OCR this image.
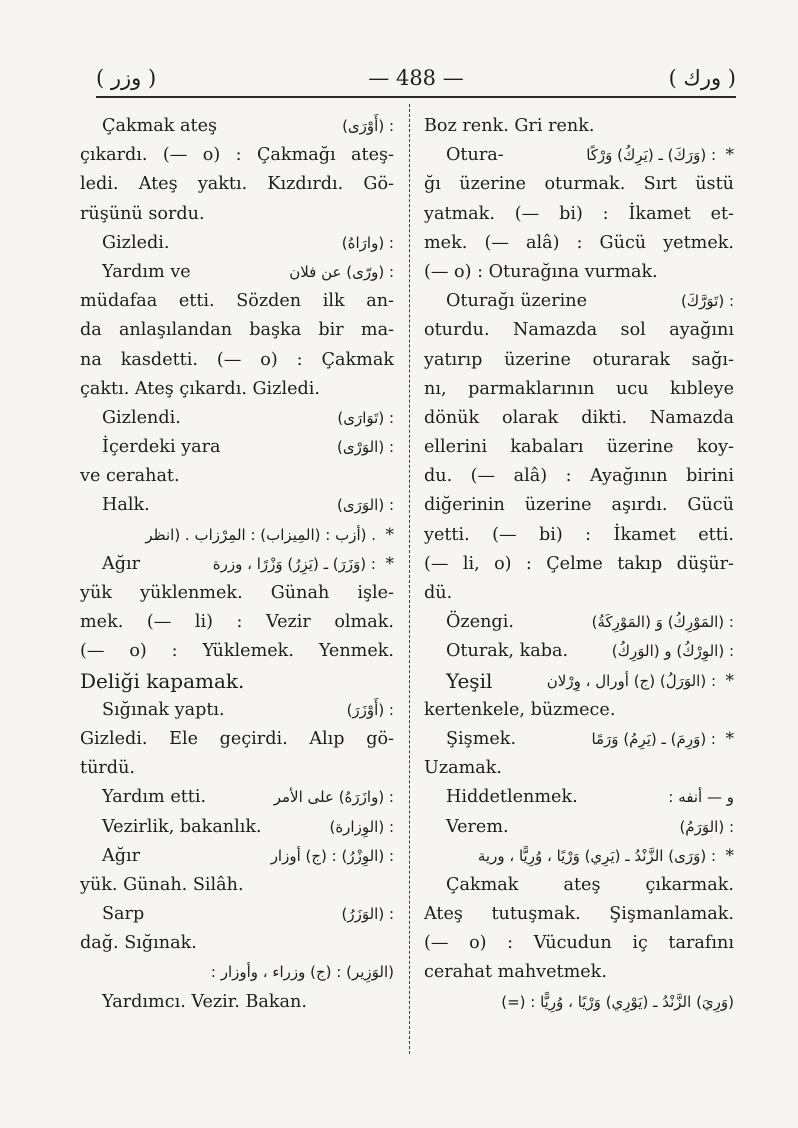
( وزر )	— 488 —	( ورك )
Çakmak ateş	: (أَوْرَى)
çıkardı. (— o) : Çakmağı ateş-
ledi. Ateş yaktı. Kızdırdı. Gö-
rüşünü sordu.
Gizledi.	: (وارَاهُ)
Yardım ve	: (ورّى) عن فلان
müdafaa etti. Sözden ilk an-
da anlaşılandan başka bir ma-
na kasdetti. (— o) : Çakmak
çaktı. Ateş çıkardı. Gizledi.
Gizlendi.	: (تَوَارَى)
İçerdeki yara	: (الوَرْى)
ve cerahat.
Halk.	: (الوَرَى)
. (أزب : (المِيزاب) : المِرْزاب . (انظر *
Ağır	: (وَزَرَ) ـ (يَزِرُ) وَزْرًا ، وزرة *
yük yüklenmek. Günah işle-
mek. (— li) : Vezir olmak.
(— o) : Yüklemek. Yenmek.
Deliği kapamak.
Sığınak yaptı.	: (أَوْزَرَ)
Gizledi. Ele geçirdi. Alıp gö-
türdü.
Yardım etti.	: (وازَرَهُ) على الأمر
Vezirlik, bakanlık.	: (الوِزارة)
Ağır	: (الوِزْرُ) : (ج) أوزار
yük. Günah. Silâh.
Sarp	: (الوَزَرُ)
dağ. Sığınak.
(الوَزِير) : (ج) وزراء ، وأوزار :
Yardımcı. Vezir. Bakan.
Boz renk. Gri renk.
Otura-	: (وَرَكَ) ـ (يَرِكُ) وَرْكًا *
ğı üzerine oturmak. Sırt üstü
yatmak. (— bi) : İkamet et-
mek. (— alâ) : Gücü yetmek.
(— o) : Oturağına vurmak.
Oturağı üzerine	: (تَوَرَّكَ)
oturdu. Namazda sol ayağını
yatırıp üzerine oturarak sağı-
nı, parmaklarının ucu kıbleye
dönük olarak dikti. Namazda
ellerini kabaları üzerine koy-
du. (— alâ) : Ayağının birini
diğerinin üzerine aşırdı. Gücü
yetti. (— bi) : İkamet etti.
(— li, o) : Çelme takıp düşür-
dü.
Özengi.	: (المَوْرِكُ) وَ (المَوْرِكَةُ)
Oturak, kaba.	: (الوِرْكُ) و (الوَرِكُ)
Yeşil	: (الوَرَلُ) (ج) أورال ، وِرْلان *
kertenkele, büzmece.
Şişmek.	: (وَرِمَ) ـ (يَرِمُ) وَرَمًا *
Uzamak.
Hiddetlenmek.	و — أنفه :
Verem.	: (الوَرَمُ)
: (وَرَى) الزَّنْدُ ـ (يَرِي) وَرْيًا ، وُرِيًّا ، ورية *
Çakmak ateş çıkarmak.
Ateş tutuşmak. Şişmanlamak.
(— o) : Vücudun iç tarafını
cerahat mahvetmek.
(وَرِيَ) الزَّنْدُ ـ (يَوْرِي) وَرْيًا ، وُرِيًّا : (=)
